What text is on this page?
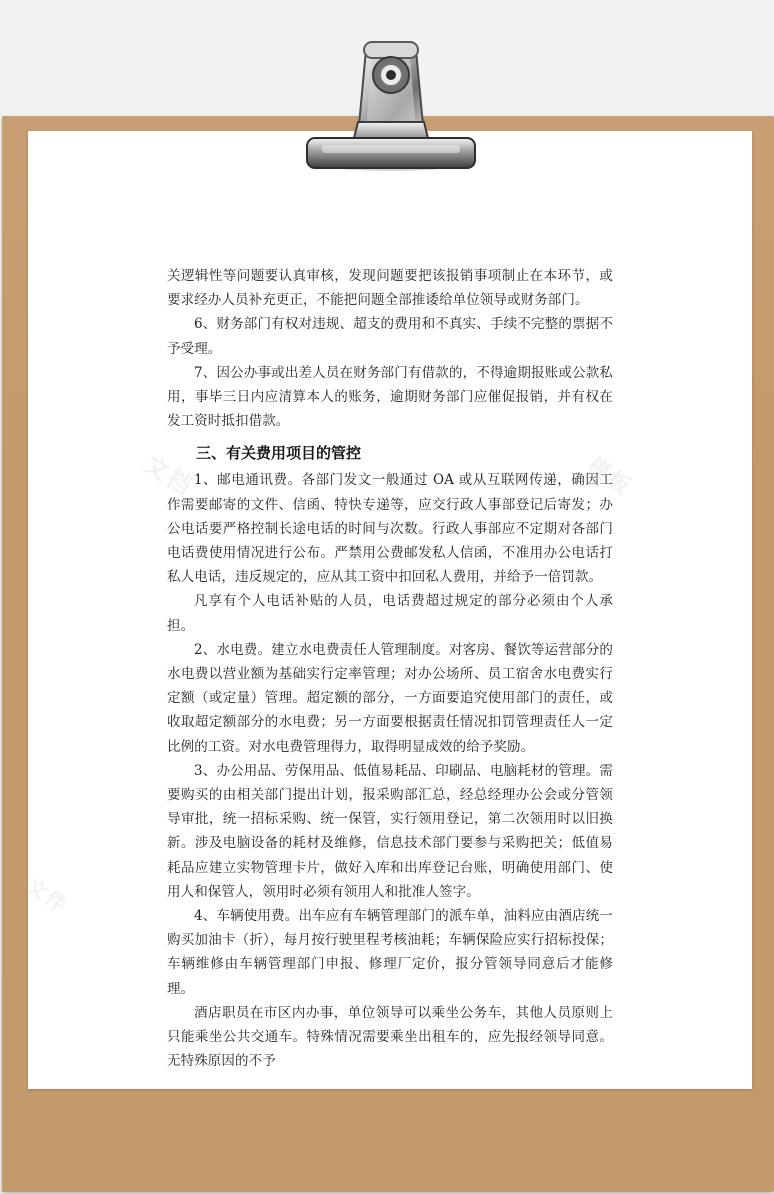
关逻辑性等问题要认真审核，发现问题要把该报销事项制止在本环节，或要求经办人员补充更正，不能把问题全部推诿给单位领导或财务部门。

6、财务部门有权对违规、超支的费用和不真实、手续不完整的票据不予受理。

7、因公办事或出差人员在财务部门有借款的，不得逾期报账或公款私用，事毕三日内应清算本人的账务，逾期财务部门应催促报销，并有权在发工资时抵扣借款。

三、有关费用项目的管控

1、邮电通讯费。各部门发文一般通过 OA 或从互联网传递，确因工作需要邮寄的文件、信函、特快专递等，应交行政人事部登记后寄发；办公电话要严格控制长途电话的时间与次数。行政人事部应不定期对各部门电话费使用情况进行公布。严禁用公费邮发私人信函，不准用办公电话打私人电话，违反规定的，应从其工资中扣回私人费用，并给予一倍罚款。

凡享有个人电话补贴的人员，电话费超过规定的部分必须由个人承担。

2、水电费。建立水电费责任人管理制度。对客房、餐饮等运营部分的水电费以营业额为基础实行定率管理；对办公场所、员工宿舍水电费实行定额（或定量）管理。超定额的部分，一方面要追究使用部门的责任，或收取超定额部分的水电费；另一方面要根据责任情况扣罚管理责任人一定比例的工资。对水电费管理得力，取得明显成效的给予奖励。

3、办公用品、劳保用品、低值易耗品、印刷品、电脑耗材的管理。需要购买的由相关部门提出计划，报采购部汇总，经总经理办公会或分管领导审批，统一招标采购、统一保管，实行领用登记，第二次领用时以旧换新。涉及电脑设备的耗材及维修，信息技术部门要参与采购把关；低值易耗品应建立实物管理卡片，做好入库和出库登记台账，明确使用部门、使用人和保管人，领用时必须有领用人和批准人签字。

4、车辆使用费。出车应有车辆管理部门的派车单，油料应由酒店统一购买加油卡（折），每月按行驶里程考核油耗；车辆保险应实行招标投保；车辆维修由车辆管理部门申报、修理厂定价，报分管领导同意后才能修理。

酒店职员在市区内办事，单位领导可以乘坐公务车，其他人员原则上只能乘坐公共交通车。特殊情况需要乘坐出租车的，应先报经领导同意。无特殊原因的不予
